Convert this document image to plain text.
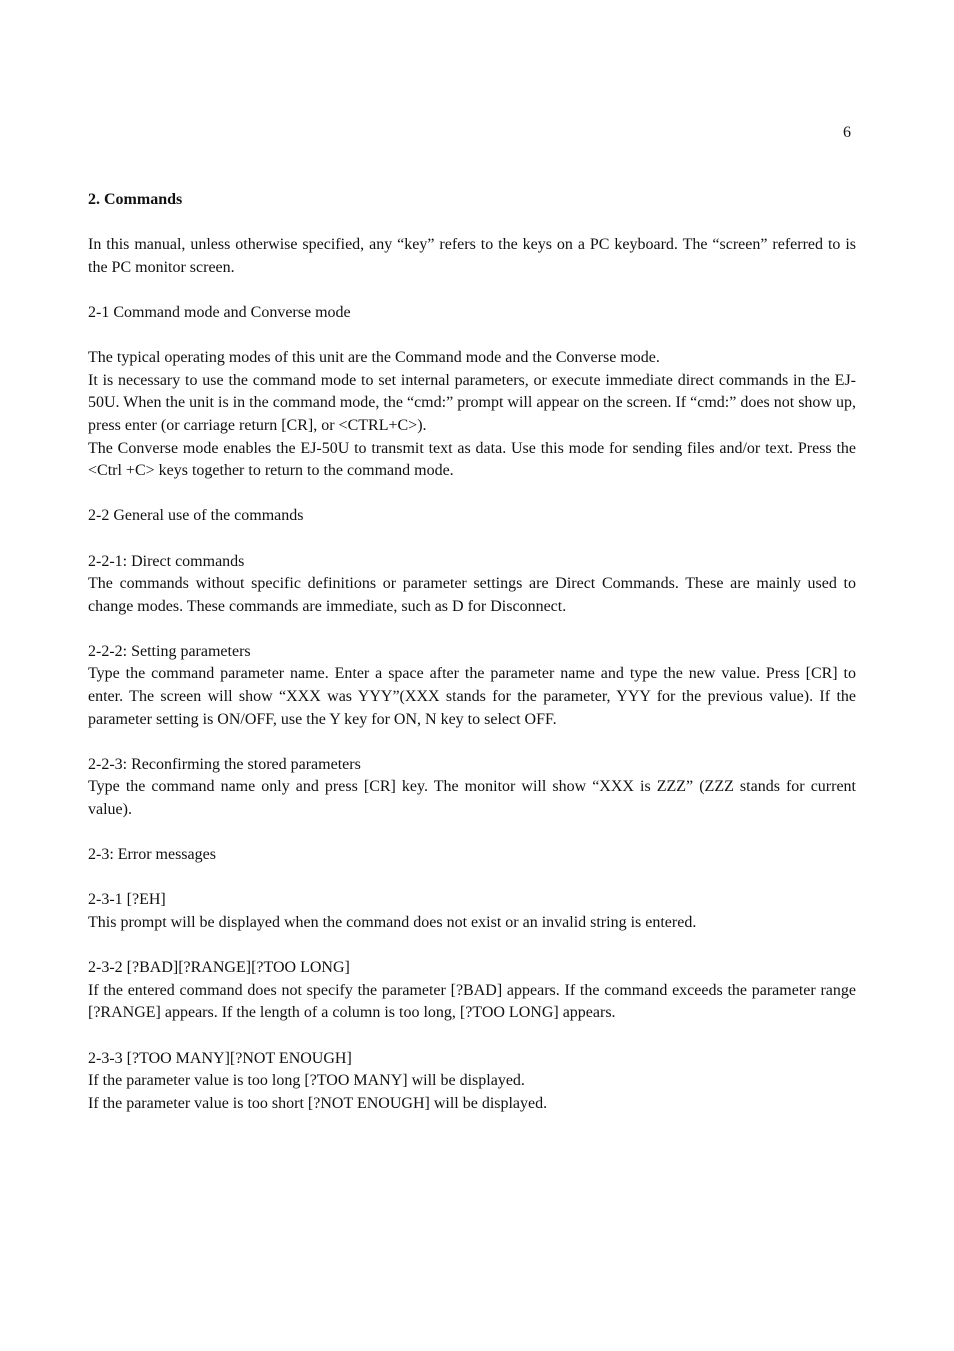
6

2. Commands

In this manual, unless otherwise specified, any “key” refers to the keys on a PC keyboard. The “screen” referred to is the PC monitor screen.

2-1 Command mode and Converse mode

The typical operating modes of this unit are the Command mode and the Converse mode.

It is necessary to use the command mode to set internal parameters, or execute immediate direct commands in the EJ-50U. When the unit is in the command mode, the “cmd:” prompt will appear on the screen. If “cmd:” does not show up, press enter (or carriage return [CR], or <CTRL+C>).

The Converse mode enables the EJ-50U to transmit text as data. Use this mode for sending files and/or text. Press the <Ctrl +C> keys together to return to the command mode.

2-2 General use of the commands

2-2-1: Direct commands

The commands without specific definitions or parameter settings are Direct Commands. These are mainly used to change modes. These commands are immediate, such as D for Disconnect.

2-2-2: Setting parameters

Type the command parameter name. Enter a space after the parameter name and type the new value. Press [CR] to enter. The screen will show “XXX was YYY”(XXX stands for the parameter, YYY for the previous value). If the parameter setting is ON/OFF, use the Y key for ON, N key to select OFF.

2-2-3: Reconfirming the stored parameters

Type the command name only and press [CR] key. The monitor will show “XXX is ZZZ” (ZZZ stands for current value).

2-3: Error messages

2-3-1 [?EH]

This prompt will be displayed when the command does not exist or an invalid string is entered.

2-3-2 [?BAD][?RANGE][?TOO LONG]

If the entered command does not specify the parameter [?BAD] appears. If the command exceeds the parameter range [?RANGE] appears. If the length of a column is too long, [?TOO LONG] appears.

2-3-3 [?TOO MANY][?NOT ENOUGH]

If the parameter value is too long [?TOO MANY] will be displayed.

If the parameter value is too short [?NOT ENOUGH] will be displayed.
